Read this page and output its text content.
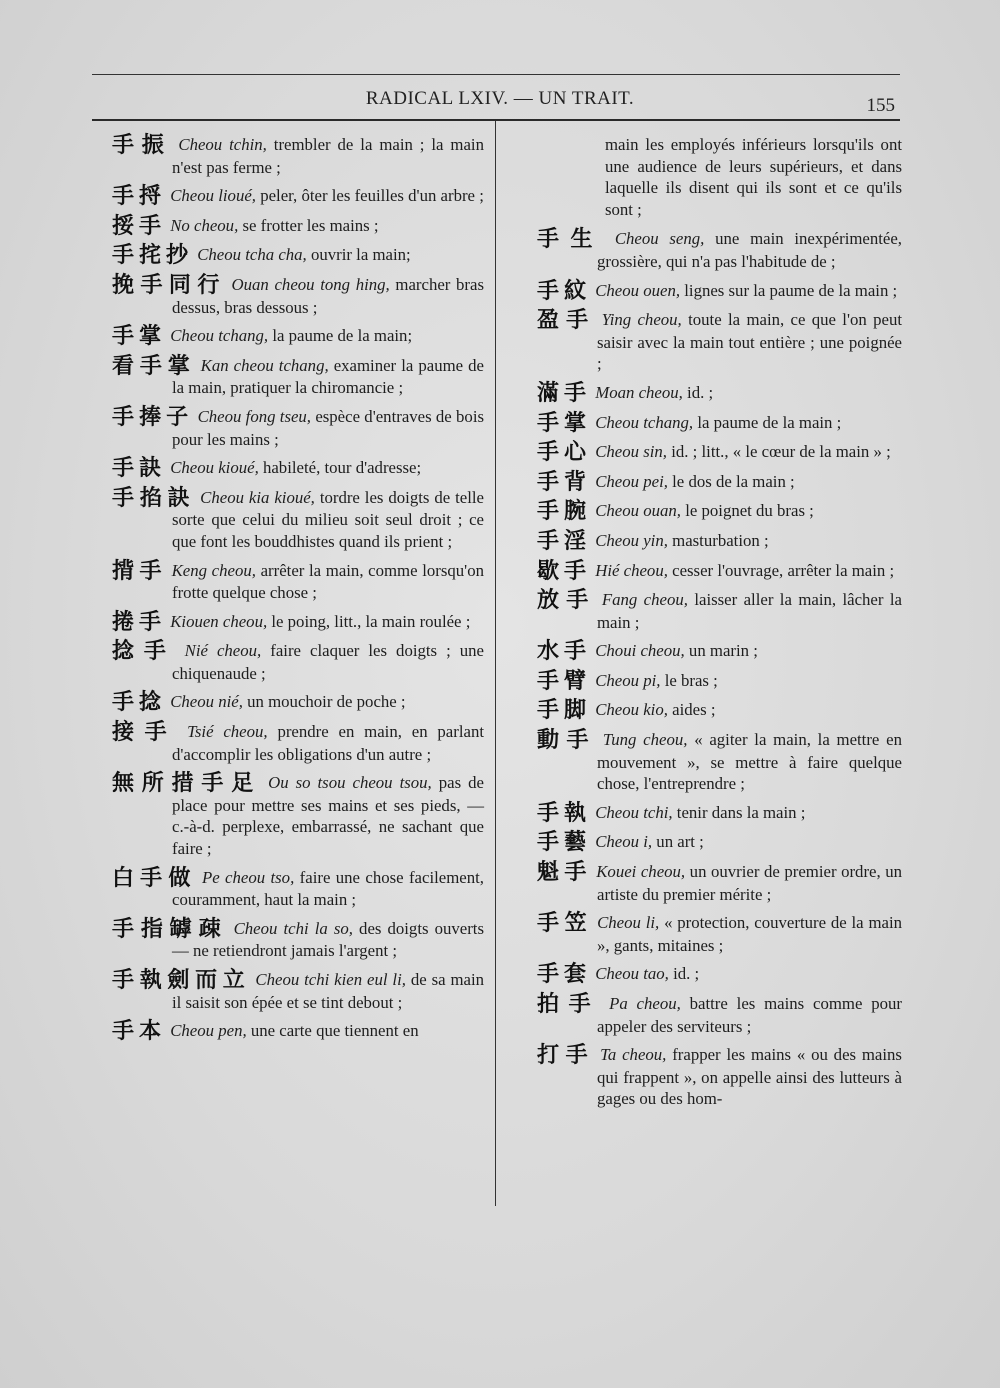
RADICAL LXIV. — UN TRAIT.	155
手振 Cheou tchin, trembler de la main ; la main n'est pas ferme ;
手捋 Cheou lioué, peler, ôter les feuilles d'un arbre ;
挼手 No cheou, se frotter les mains ;
手挓抄 Cheou tcha cha, ouvrir la main;
挽手同行 Ouan cheou tong hing, marcher bras dessus, bras dessous ;
手掌 Cheou tchang, la paume de la main;
看手掌 Kan cheou tchang, examiner la paume de la main, pratiquer la chiromancie ;
手捧子 Cheou fong tseu, espèce d'entraves de bois pour les mains ;
手訣 Cheou kioué, habileté, tour d'adresse;
手掐訣 Cheou kia kioué, tordre les doigts de telle sorte que celui du milieu soit seul droit ; ce que font les bouddhistes quand ils prient ;
揹手 Keng cheou, arrêter la main, comme lorsqu'on frotte quelque chose ;
捲手 Kiouen cheou, le poing, litt., la main roulée ;
捻手 Nié cheou, faire claquer les doigts ; une chiquenaude ;
手捻 Cheou nié, un mouchoir de poche ;
接手 Tsié cheou, prendre en main, en parlant d'accomplir les obligations d'un autre ;
無所措手足 Ou so tsou cheou tsou, pas de place pour mettre ses mains et ses pieds, — c.-à-d. perplexe, embarrassé, ne sachant que faire ;
白手做 Pe cheou tso, faire une chose facilement, couramment, haut la main ;
手指罅疎 Cheou tchi la so, des doigts ouverts — ne retiendront jamais l'argent ;
手執劍而立 Cheou tchi kien eul li, de sa main il saisit son épée et se tint debout ;
手本 Cheou pen, une carte que tiennent en
main les employés inférieurs lorsqu'ils ont une audience de leurs supérieurs, et dans laquelle ils disent qui ils sont et ce qu'ils sont ;
手生 Cheou seng, une main inexpérimentée, grossière, qui n'a pas l'habitude de ;
手紋 Cheou ouen, lignes sur la paume de la main ;
盈手 Ying cheou, toute la main, ce que l'on peut saisir avec la main tout entière ; une poignée ;
滿手 Moan cheou, id. ;
手掌 Cheou tchang, la paume de la main ;
手心 Cheou sin, id. ; litt., « le cœur de la main » ;
手背 Cheou pei, le dos de la main ;
手腕 Cheou ouan, le poignet du bras ;
手淫 Cheou yin, masturbation ;
歇手 Hié cheou, cesser l'ouvrage, arrêter la main ;
放手 Fang cheou, laisser aller la main, lâcher la main ;
水手 Choui cheou, un marin ;
手臂 Cheou pi, le bras ;
手脚 Cheou kio, aides ;
動手 Tung cheou, « agiter la main, la mettre en mouvement », se mettre à faire quelque chose, l'entreprendre ;
手執 Cheou tchi, tenir dans la main ;
手藝 Cheou i, un art ;
魁手 Kouei cheou, un ouvrier de premier ordre, un artiste du premier mérite ;
手笠 Cheou li, « protection, couverture de la main », gants, mitaines ;
手套 Cheou tao, id. ;
拍手 Pa cheou, battre les mains comme pour appeler des serviteurs ;
打手 Ta cheou, frapper les mains « ou des mains qui frappent », on appelle ainsi des lutteurs à gages ou des hom-
